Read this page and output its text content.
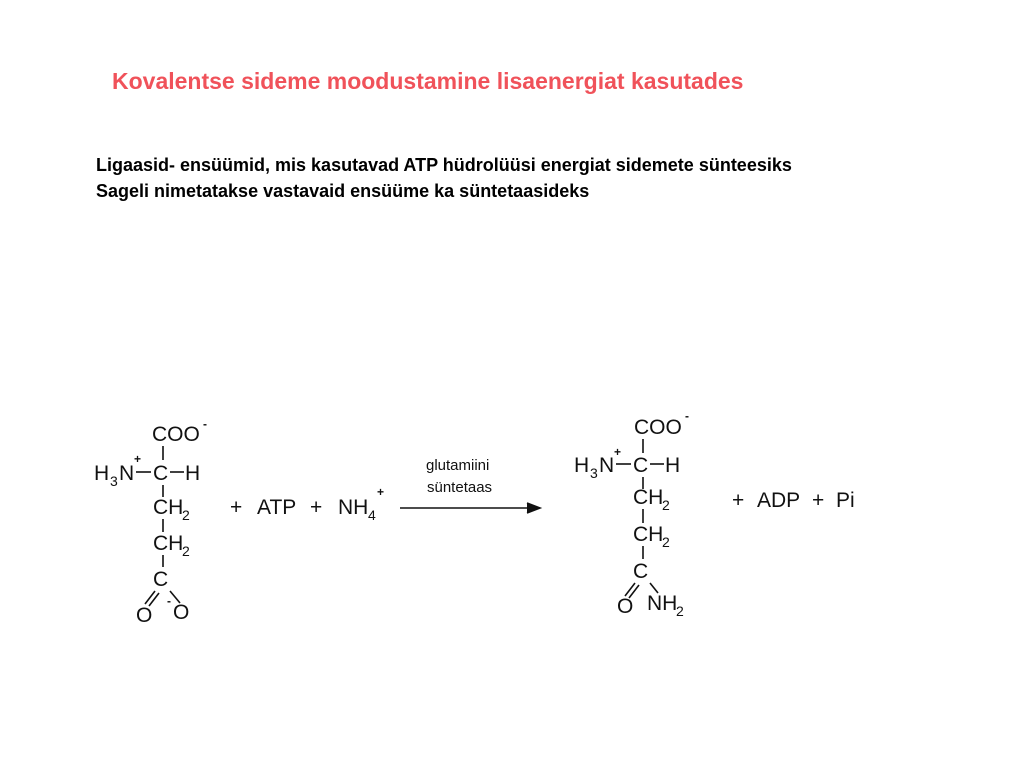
Kovalentse sideme moodustamine lisaenergiat kasutades

Ligaasid- ensüümid, mis kasutavad ATP hüdrolüüsi energiat sidemete sünteesiks

Sageli nimetatakse vastavaid ensüüme ka süntetaasideks

COO -
H 3 N
+
C H
CH
2
CH
2
C
O
- O
+ ATP + NH 4
+
glutamiini
süntetaas
COO -
H 3 N
+
C H
CH
2
CH
2
C
O NH
2
+ ADP + Pi
